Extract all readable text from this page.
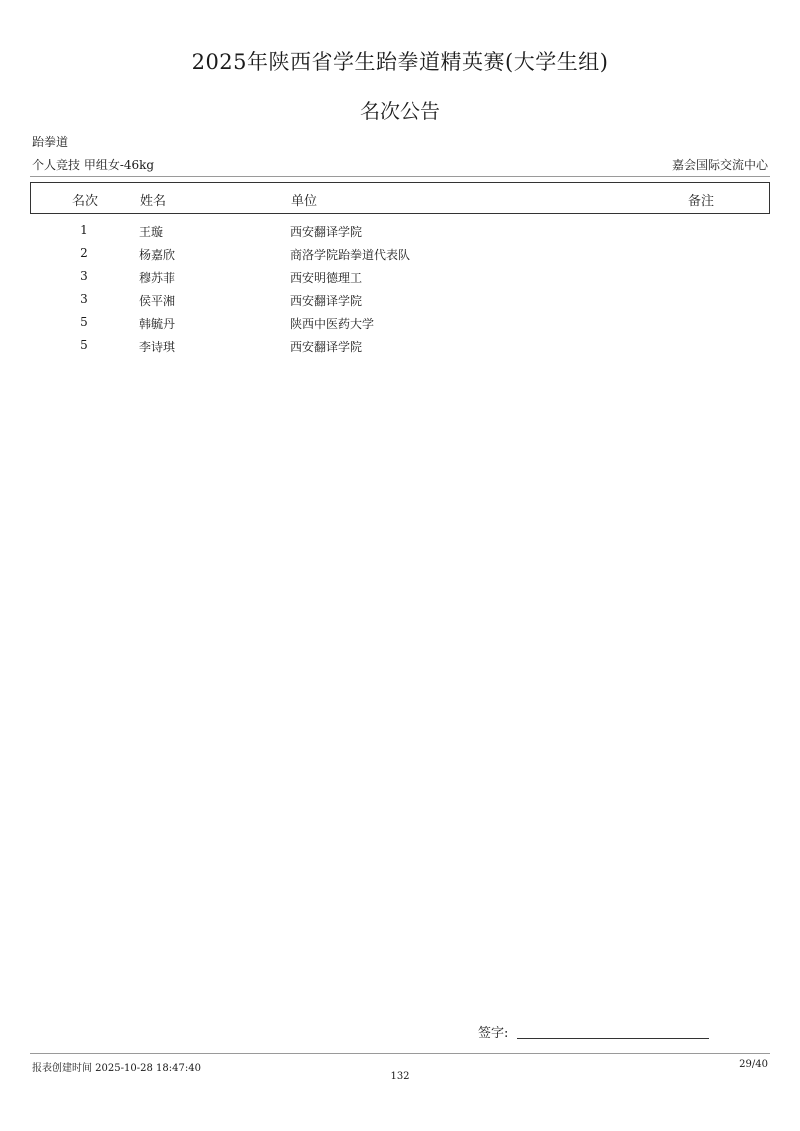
2025年陕西省学生跆拳道精英赛(大学生组)
名次公告
跆拳道
个人竞技 甲组女-46kg	嘉会国际交流中心
名次	姓名	单位	备注
1	王璇	西安翻译学院
2	杨嘉欣	商洛学院跆拳道代表队
3	穆苏菲	西安明德理工
3	侯平湘	西安翻译学院
5	韩毓丹	陕西中医药大学
5	李诗琪	西安翻译学院
签字:
报表创建时间 2025-10-28 18:47:40	29/40
132
